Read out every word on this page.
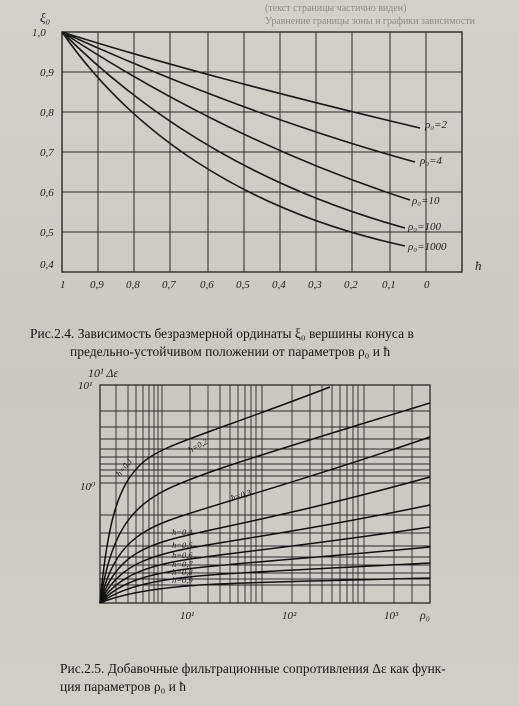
(текст страницы частично виден)
Уравнение границы зоны и графики зависимости
1,0
0,9
0,8
0,7
0,6
0,5
0,4
ξ₀
1 0,9 0,8 0,7 0,6 0,5 0,4 0,3 0,2 0,1	0
ħ
ρ₀=2
ρ₀=4
ρ₀=10
ρ₀=100
ρ₀=1000
Рис.2.4. Зависимость безразмерной ординаты ξ₀ вершины конуса в
предельно-устойчивом положении от параметров ρ₀ и ħ
10¹
10⁰
10¹ Δε
10¹	10²	10³ ρ₀
ħ=0,1
ħ=0,2
ħ=0,3
ħ=0,4
ħ=0,5
ħ=0,6
ħ=0,7
ħ=0,8
ħ=0,9
Рис.2.5. Добавочные фильтрационные сопротивления Δε как функ-
ция параметров ρ₀ и ħ
